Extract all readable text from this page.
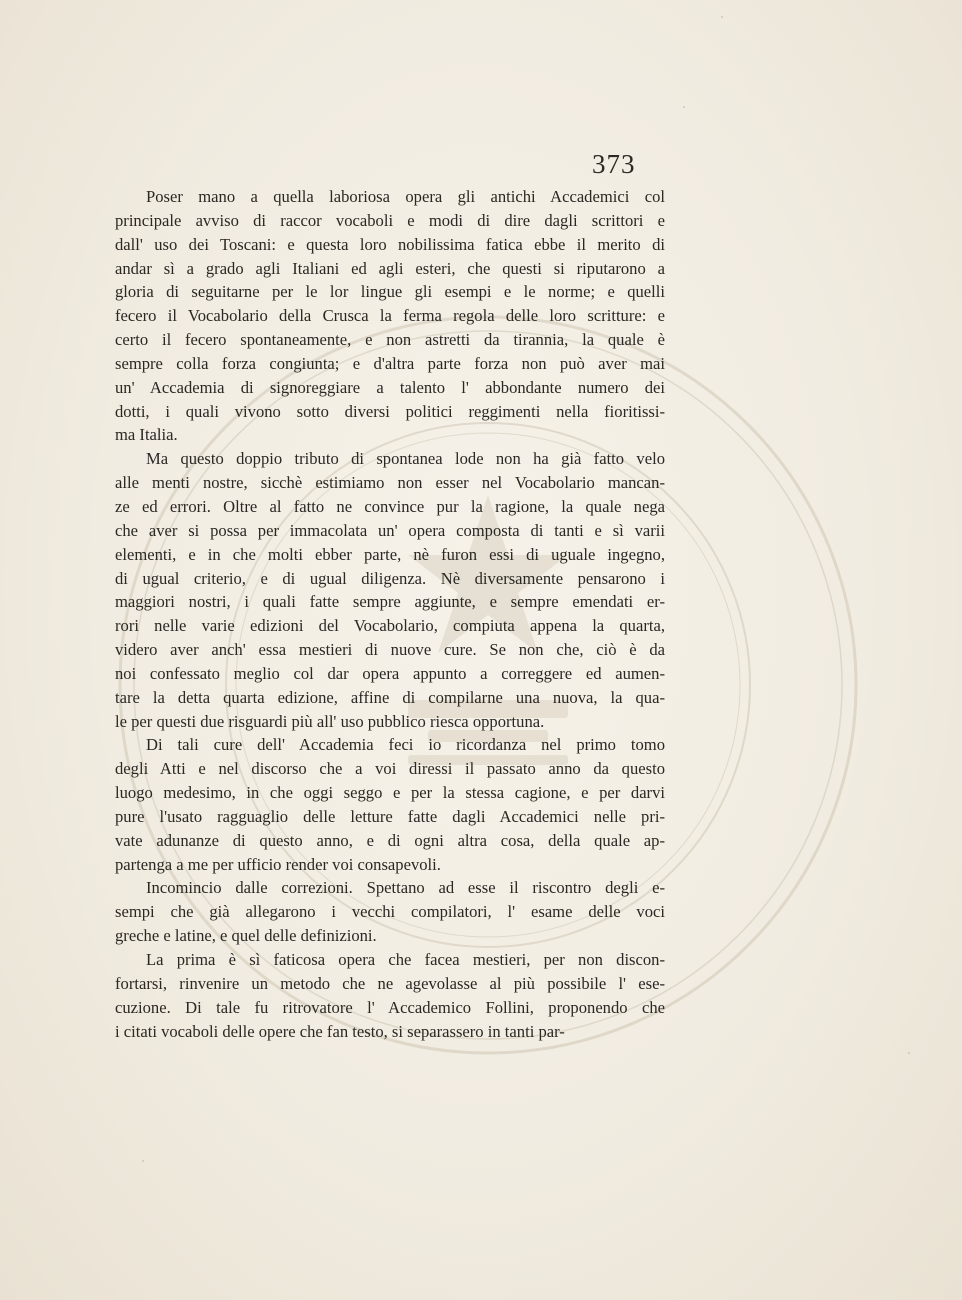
373
Poser mano a quella laboriosa opera gli antichi Accademici col
principale avviso di raccor vocaboli e modi di dire dagli scrittori e
dall' uso dei Toscani: e questa loro nobilissima fatica ebbe il merito di
andar sì a grado agli Italiani ed agli esteri, che questi si riputarono a
gloria di seguitarne per le lor lingue gli esempi e le norme; e quelli
fecero il Vocabolario della Crusca la ferma regola delle loro scritture: e
certo il fecero spontaneamente, e non astretti da tirannia, la quale è
sempre colla forza congiunta; e d'altra parte forza non può aver mai
un' Accademia di signoreggiare a talento l' abbondante numero dei
dotti, i quali vivono sotto diversi politici reggimenti nella fioritissi-
ma Italia.
Ma questo doppio tributo di spontanea lode non ha già fatto velo
alle menti nostre, sicchè estimiamo non esser nel Vocabolario mancan-
ze ed errori. Oltre al fatto ne convince pur la ragione, la quale nega
che aver si possa per immacolata un' opera composta di tanti e sì varii
elementi, e in che molti ebber parte, nè furon essi di uguale ingegno,
di ugual criterio, e di ugual diligenza. Nè diversamente pensarono i
maggiori nostri, i quali fatte sempre aggiunte, e sempre emendati er-
rori nelle varie edizioni del Vocabolario, compiuta appena la quarta,
videro aver anch' essa mestieri di nuove cure. Se non che, ciò è da
noi confessato meglio col dar opera appunto a correggere ed aumen-
tare la detta quarta edizione, affine di compilarne una nuova, la qua-
le per questi due risguardi più all' uso pubblico riesca opportuna.
Di tali cure dell' Accademia feci io ricordanza nel primo tomo
degli Atti e nel discorso che a voi diressi il passato anno da questo
luogo medesimo, in che oggi seggo e per la stessa cagione, e per darvi
pure l'usato ragguaglio delle letture fatte dagli Accademici nelle pri-
vate adunanze di questo anno, e di ogni altra cosa, della quale ap-
partenga a me per ufficio render voi consapevoli.
Incomincio dalle correzioni. Spettano ad esse il riscontro degli e-
sempi che già allegarono i vecchi compilatori, l' esame delle voci
greche e latine, e quel delle definizioni.
La prima è sì faticosa opera che facea mestieri, per non discon-
fortarsi, rinvenire un metodo che ne agevolasse al più possibile l' ese-
cuzione. Di tale fu ritrovatore l' Accademico Follini, proponendo che
i citati vocaboli delle opere che fan testo, si separassero in tanti par-
